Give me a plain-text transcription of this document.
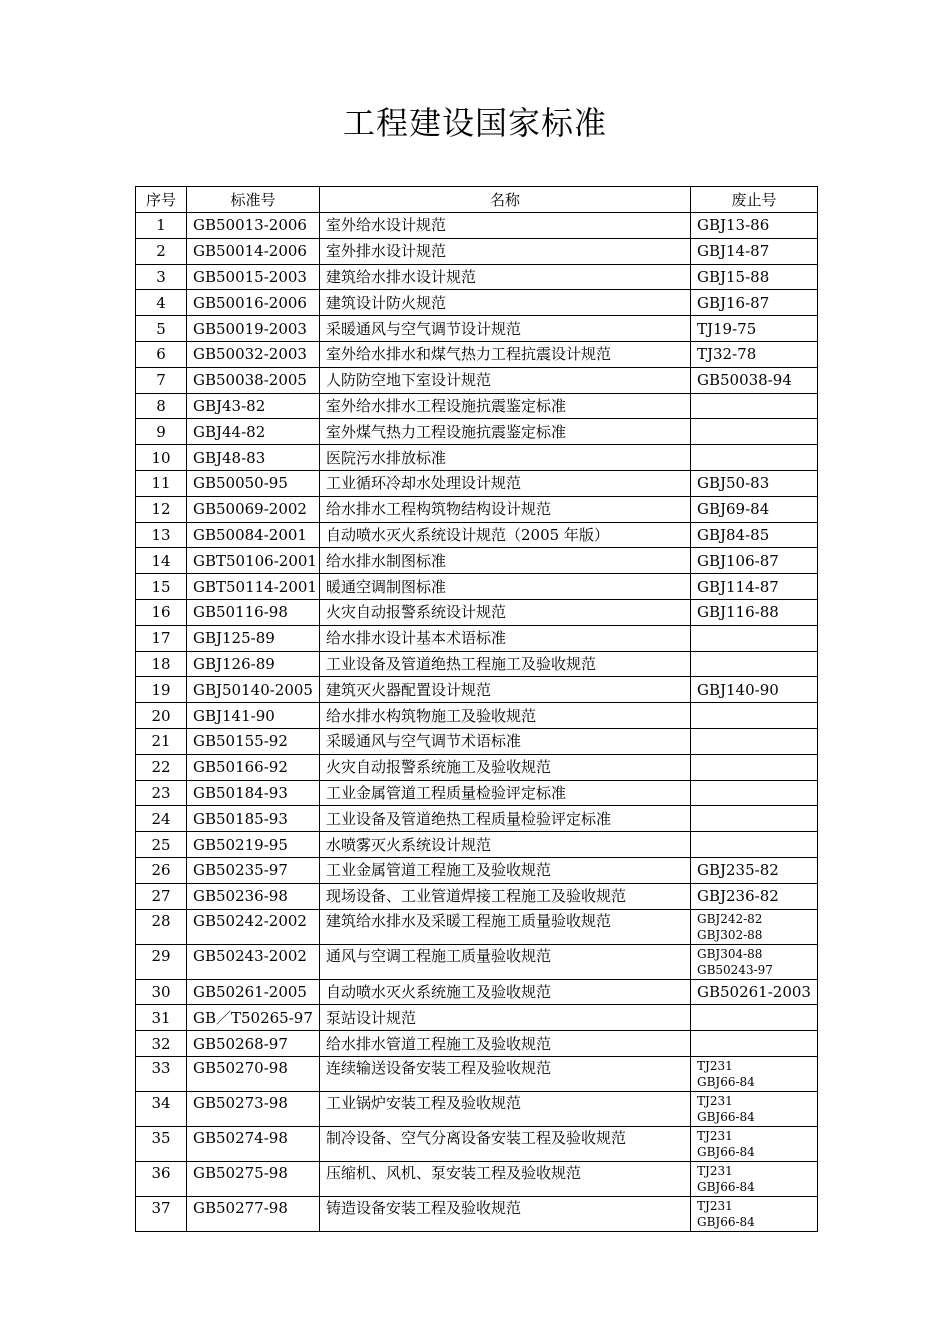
工程建设国家标准
序号	标准号	名称	废止号
1	GB50013-2006	室外给水设计规范	GBJ13-86
2	GB50014-2006	室外排水设计规范	GBJ14-87
3	GB50015-2003	建筑给水排水设计规范	GBJ15-88
4	GB50016-2006	建筑设计防火规范	GBJ16-87
5	GB50019-2003	采暖通风与空气调节设计规范	TJ19-75
6	GB50032-2003	室外给水排水和煤气热力工程抗震设计规范	TJ32-78
7	GB50038-2005	人防防空地下室设计规范	GB50038-94
8	GBJ43-82	室外给水排水工程设施抗震鉴定标准	
9	GBJ44-82	室外煤气热力工程设施抗震鉴定标准	
10	GBJ48-83	医院污水排放标准	
11	GB50050-95	工业循环冷却水处理设计规范	GBJ50-83
12	GB50069-2002	给水排水工程构筑物结构设计规范	GBJ69-84
13	GB50084-2001	自动喷水灭火系统设计规范（2005 年版）	GBJ84-85
14	GBT50106-2001	给水排水制图标准	GBJ106-87
15	GBT50114-2001	暖通空调制图标准	GBJ114-87
16	GB50116-98	火灾自动报警系统设计规范	GBJ116-88
17	GBJ125-89	给水排水设计基本术语标准	
18	GBJ126-89	工业设备及管道绝热工程施工及验收规范	
19	GBJ50140-2005	建筑灭火器配置设计规范	GBJ140-90
20	GBJ141-90	给水排水构筑物施工及验收规范	
21	GB50155-92	采暖通风与空气调节术语标准	
22	GB50166-92	火灾自动报警系统施工及验收规范	
23	GB50184-93	工业金属管道工程质量检验评定标准	
24	GB50185-93	工业设备及管道绝热工程质量检验评定标准	
25	GB50219-95	水喷雾灭火系统设计规范	
26	GB50235-97	工业金属管道工程施工及验收规范	GBJ235-82
27	GB50236-98	现场设备、工业管道焊接工程施工及验收规范	GBJ236-82
28	GB50242-2002	建筑给水排水及采暖工程施工质量验收规范	GBJ242-82
GBJ302-88

29	GB50243-2002	通风与空调工程施工质量验收规范	GBJ304-88
GB50243-97

30	GB50261-2005	自动喷水灭火系统施工及验收规范	GB50261-2003
31	GB／T50265-97	泵站设计规范	
32	GB50268-97	给水排水管道工程施工及验收规范	
33	GB50270-98	连续输送设备安装工程及验收规范	TJ231
GBJ66-84

34	GB50273-98	工业锅炉安装工程及验收规范	TJ231
GBJ66-84

35	GB50274-98	制冷设备、空气分离设备安装工程及验收规范	TJ231
GBJ66-84

36	GB50275-98	压缩机、风机、泵安装工程及验收规范	TJ231
GBJ66-84

37	GB50277-98	铸造设备安装工程及验收规范	TJ231
GBJ66-84
